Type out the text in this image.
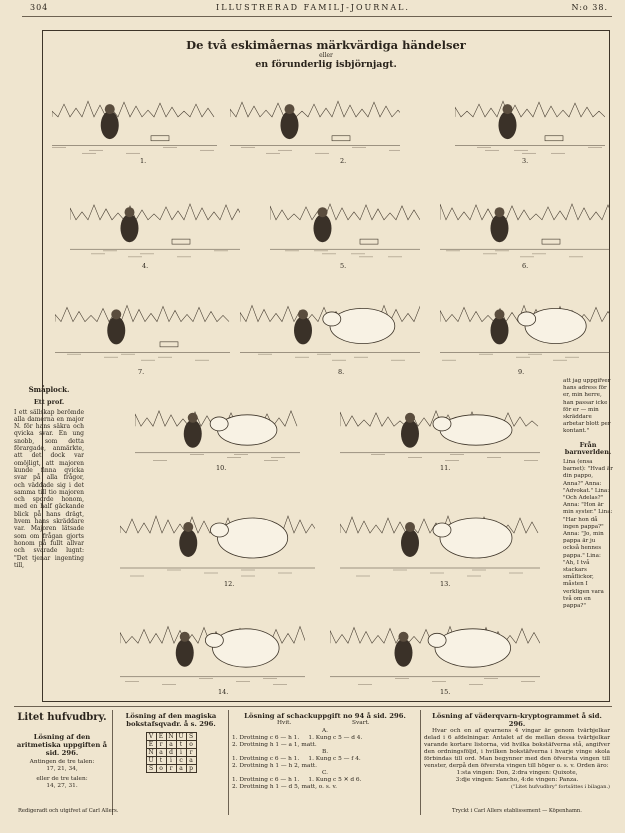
304	ILLUSTRERAD FAMILJ-JOURNAL.	N:o 38.
De två eskimåernas märkvärdiga händelser
eller
en förunderlig isbjörnjagt.
1.	2.	3.
4.	5.	6.
7.	8.	9.
10.	11.
12.	13.
14.	15.
Småplock.
Ett prof.
I ett sällskap berömde alla damerna en major N. för hans säkra och qvicka svar. En ung snobb, som detta förargade, anmärkte, att det dock var omöjligt, att majoren kunde finna qvicka svar på alla frågor, och väddade sig i det samma till tio majoren och sporde honom, med en half gäckande blick på hans drägt, hvem hans skräddare var. Majoren lätsade som om frågan gjorts honom på fullt allvar och svarade lugnt: "Det tjenar ingenting till,
att jag uppgifver hans adress för er, min herre, han passar icke för er — min skräddare arbetar blott per kontant."
Från barnverlden.
Lina (ensa barnet): "Hvad är din pappo, Anna?" Anna: "Advokat." Lina: "Och Adelas?" Anna: "Hon är min syster." Lina: "Har hon då ingen pappa?" Anna: "Jo, min pappa är ju också hennes pappa." Lina: "Ah, I två stackars småflickor, måsten I verkligen vara två om en pappa?"
Litet hufvudbry.
Lösning af den aritmetiska uppgiften å sid. 296.
Antingen de tre talen:
17, 21, 34,
eller de tre talen:
14, 27, 31.
Redigeradt och utgifvet af Carl Allers.
Lösning af den magiska bokstafsqvadr. å s. 296.
V	E	N	U	S
E	r	a	t	o
N	a	d	i	r
U	t	i	c	a
S	o	r	a	p
Lösning af schackuppgift no 94 å sid. 296.
Hvit.	Svart.
A.
1. Drottning c 6 — h 1.     1. Kung c 5 — d 4.
2. Drottning h 1 — a 1, matt.
B.
1. Drottning c 6 — h 1.     1. Kung c 5 — f 4.
2. Drottning h 1 — h 2, matt.
C.
1. Drottning c 6 — h 1.     1. Kung c 5 ✕ d 6.
2. Drottning h 1 — d 5, matt, o. s. v.
Lösning af väderqvarn-kryptogrammet å sid. 296.
Hvar och en af qvarnens 4 vingar är genom tvärbjelkar delad i 6 afdelningar. Antalet af de mellan dessa tvärbjelkar varande kortare listorna, vid hvilka bokstäfverna stå, angifver den ordningsföljd, i hvilken bokstäfverna i hvarje vinge skola förbindas till ord. Man begynner med den öfversta vingen till venster, derpå den öfversta vingen till höger o. s. v. Orden äro:
1:sta vingen: Don, 2:dra vingen: Quixote,
3:dje vingen: Sancho, 4:de vingen: Panza.
("Litet hufvudbry" fortsättes i bilagan.)
Tryckt i Carl Allers etablissement — Köpenhamn.
